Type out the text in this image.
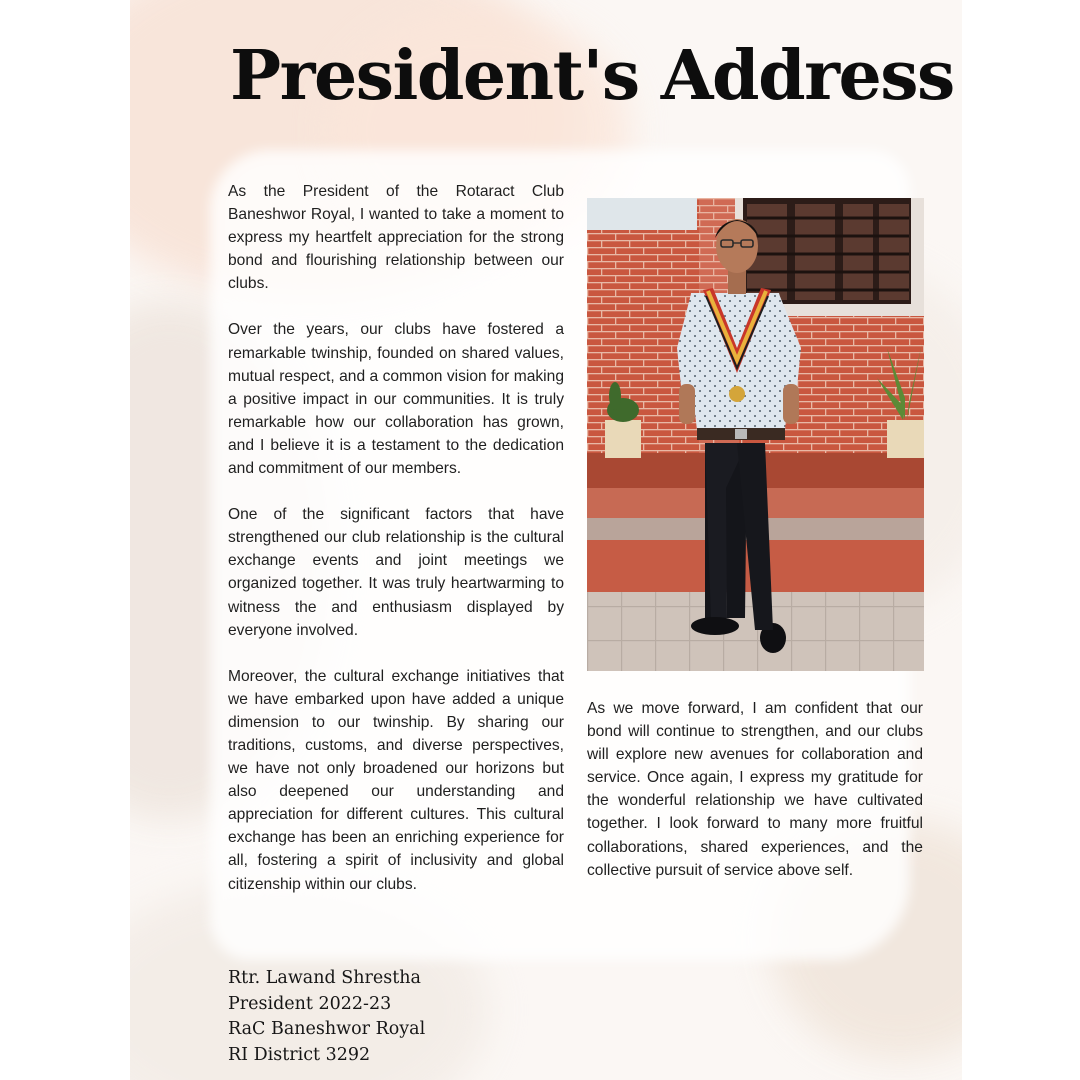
President's Address

As the President of the Rotaract Club Baneshwor Royal, I wanted to take a moment to express my heartfelt appreciation for the strong bond and flourishing relationship between our clubs.

Over the years, our clubs have fostered a remarkable twinship, founded on shared values, mutual respect, and a common vision for making a positive impact in our communities. It is truly remarkable how our collaboration has grown, and I believe it is a testament to the dedication and commitment of our members.

One of the significant factors that have strengthened our club relationship is the cultural exchange events and joint meetings we organized together. It was truly heartwarming to witness the and enthusiasm displayed by everyone involved.

Moreover, the cultural exchange initiatives that we have embarked upon have added a unique dimension to our twinship. By sharing our traditions, customs, and diverse perspectives, we have not only broadened our horizons but also deepened our understanding and appreciation for different cultures. This cultural exchange has been an enriching experience for all, fostering a spirit of inclusivity and global citizenship within our clubs.

As we move forward, I am confident that our bond will continue to strengthen, and our clubs will explore new avenues for collaboration and service. Once again, I express my gratitude for the wonderful relationship we have cultivated together. I look forward to many more fruitful collaborations, shared experiences, and the collective pursuit of service above self.

Rtr. Lawand Shrestha
President 2022-23
RaC Baneshwor Royal
RI District 3292
